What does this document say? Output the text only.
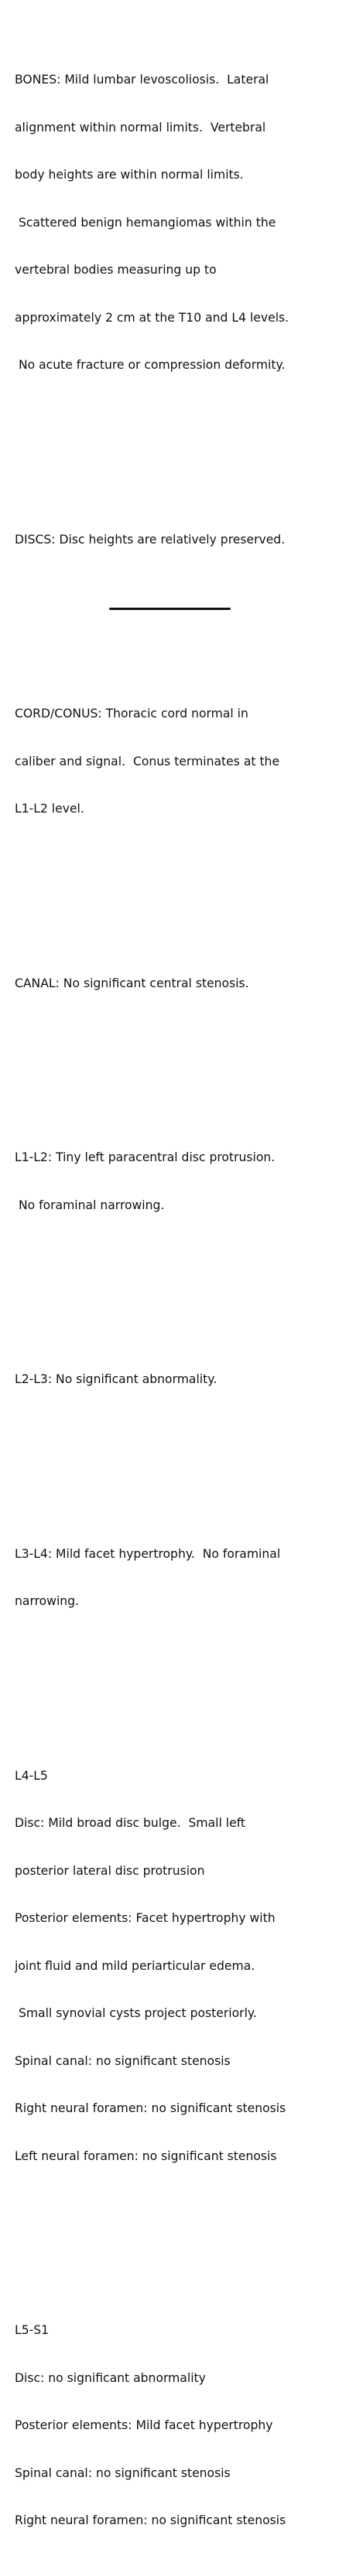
BONES: Mild lumbar levoscoliosis.  Lateral

alignment within normal limits.  Vertebral

body heights are within normal limits.

Scattered benign hemangiomas within the

vertebral bodies measuring up to

approximately 2 cm at the T10 and L4 levels.

No acute fracture or compression deformity.

DISCS: Disc heights are relatively preserved.

CORD/CONUS: Thoracic cord normal in

caliber and signal.  Conus terminates at the

L1-L2 level.

CANAL: No significant central stenosis.

L1-L2: Tiny left paracentral disc protrusion.

No foraminal narrowing.

L2-L3: No significant abnormality.

L3-L4: Mild facet hypertrophy.  No foraminal

narrowing.

L4-L5

Disc: Mild broad disc bulge.  Small left

posterior lateral disc protrusion

Posterior elements: Facet hypertrophy with

joint fluid and mild periarticular edema.

Small synovial cysts project posteriorly.

Spinal canal: no significant stenosis

Right neural foramen: no significant stenosis

Left neural foramen: no significant stenosis

L5-S1

Disc: no significant abnormality

Posterior elements: Mild facet hypertrophy

Spinal canal: no significant stenosis

Right neural foramen: no significant stenosis
